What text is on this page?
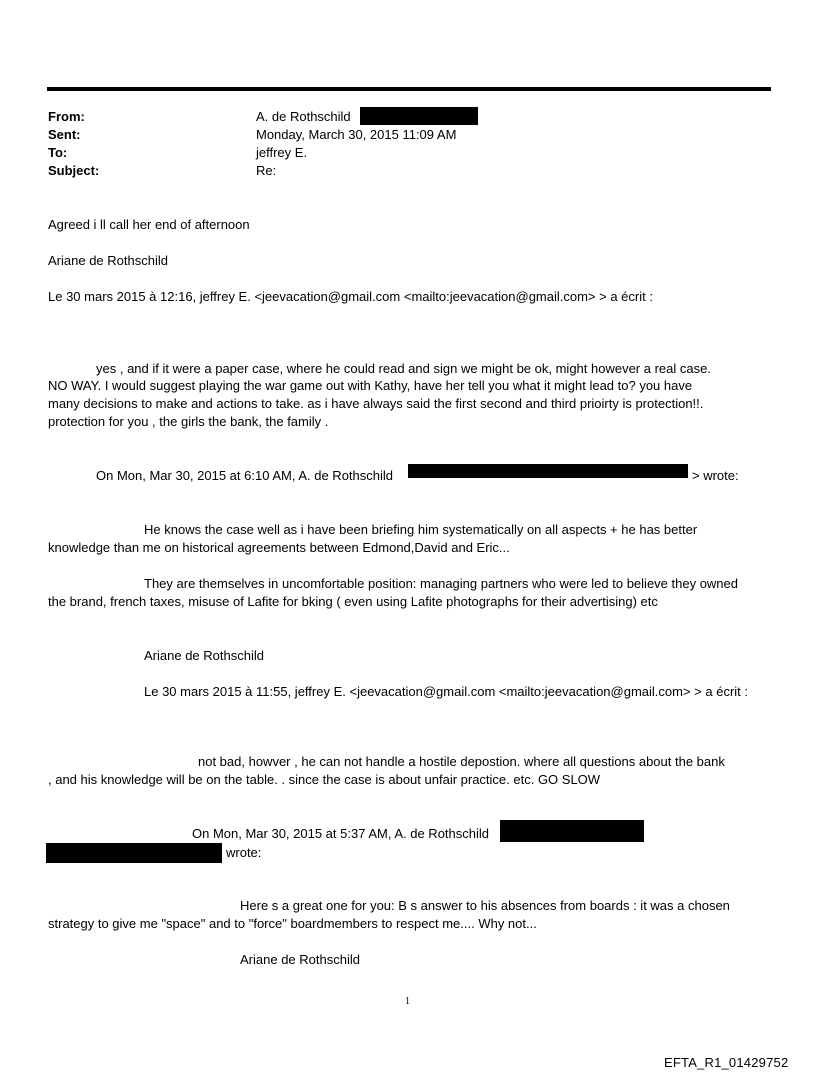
From:	A. de Rothschild
Sent:	Monday, March 30, 2015 11:09 AM
To:	jeffrey E.
Subject:	Re:
Agreed i ll call her end of afternoon
Ariane de Rothschild
Le 30 mars 2015 à 12:16, jeffrey E. <jeevacation@gmail.com <mailto:jeevacation@gmail.com> > a écrit :
yes , and if it were a paper case, where he could read and sign we might be ok, might however a real case.
NO WAY. I would suggest playing the war game out with Kathy, have her tell you what it might lead to? you have
many decisions to make and actions to take. as i have always said the first second and third prioirty is protection!!.
protection for you , the girls the bank, the family .
On Mon, Mar 30, 2015 at 6:10 AM, A. de Rothschild	> wrote:
He knows the case well as i have been briefing him systematically on all aspects + he has better
knowledge than me on historical agreements between Edmond,David and Eric...
They are themselves in uncomfortable position: managing partners who were led to believe they owned
the brand, french taxes, misuse of Lafite for bking ( even using Lafite photographs for their advertising) etc
Ariane de Rothschild
Le 30 mars 2015 à 11:55, jeffrey E. <jeevacation@gmail.com <mailto:jeevacation@gmail.com> > a écrit :
not bad, howver , he can not handle a hostile depostion. where all questions about the bank
, and his knowledge will be on the table. . since the case is about unfair practice. etc. GO SLOW
On Mon, Mar 30, 2015 at 5:37 AM, A. de Rothschild
wrote:
Here s a great one for you: B s answer to his absences from boards : it was a chosen
strategy to give me "space" and to "force" boardmembers to respect me.... Why not...
Ariane de Rothschild
1
EFTA_R1_01429752
